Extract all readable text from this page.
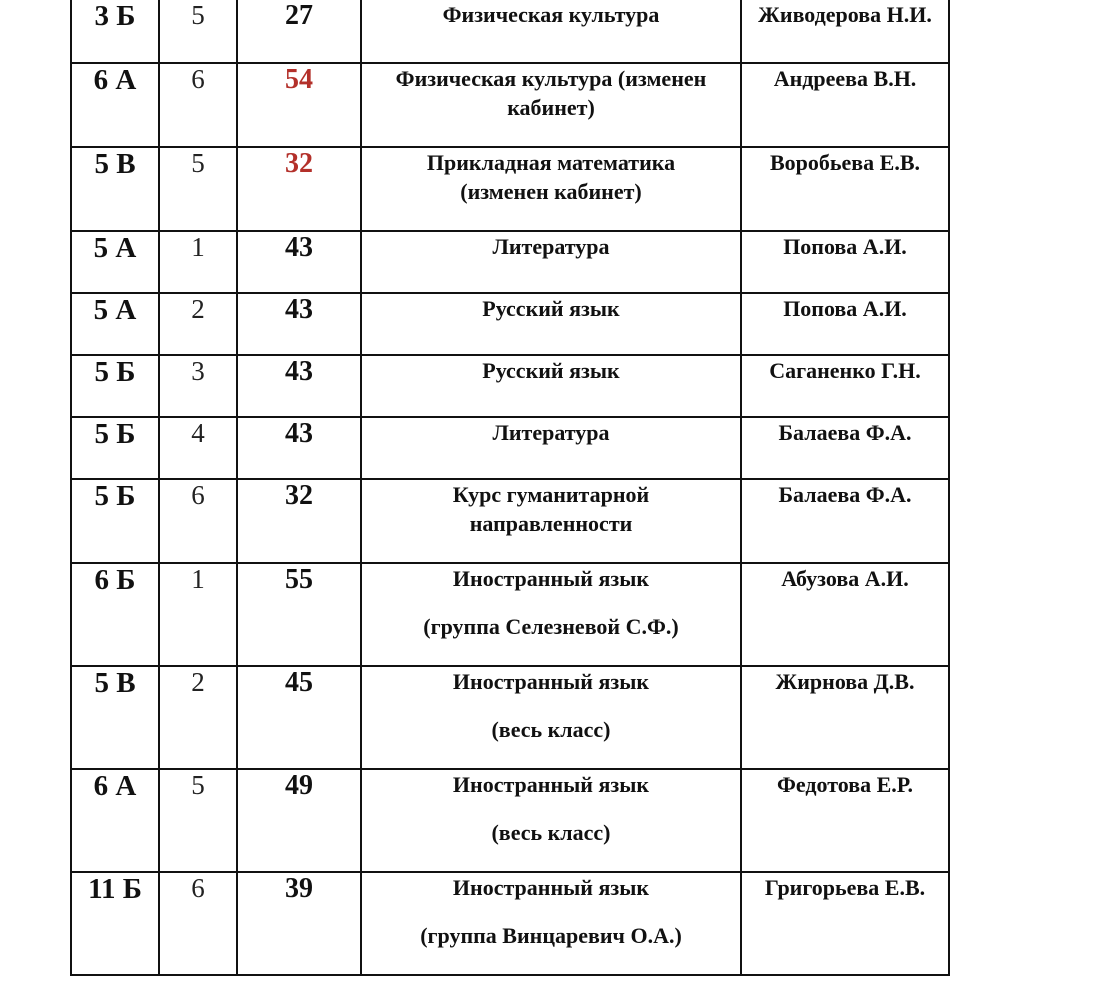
3 Б	5	27	Физическая культура	Живодерова Н.И.
6 А	6	54	Физическая культура (изменен
кабинет)	Андреева В.Н.
5 В	5	32	Прикладная математика
(изменен кабинет)	Воробьева Е.В.
5 А	1	43	Литература	Попова А.И.
5 А	2	43	Русский язык	Попова А.И.
5 Б	3	43	Русский язык	Саганенко Г.Н.
5 Б	4	43	Литература	Балаева Ф.А.
5 Б	6	32	Курс гуманитарной
направленности	Балаева Ф.А.
6 Б	1	55	Иностранный язык
(группа Селезневой С.Ф.)	Абузова А.И.
5 В	2	45	Иностранный язык
(весь класс)	Жирнова Д.В.
6 А	5	49	Иностранный язык
(весь класс)	Федотова Е.Р.
11 Б	6	39	Иностранный язык
(группа Винцаревич О.А.)	Григорьева Е.В.
